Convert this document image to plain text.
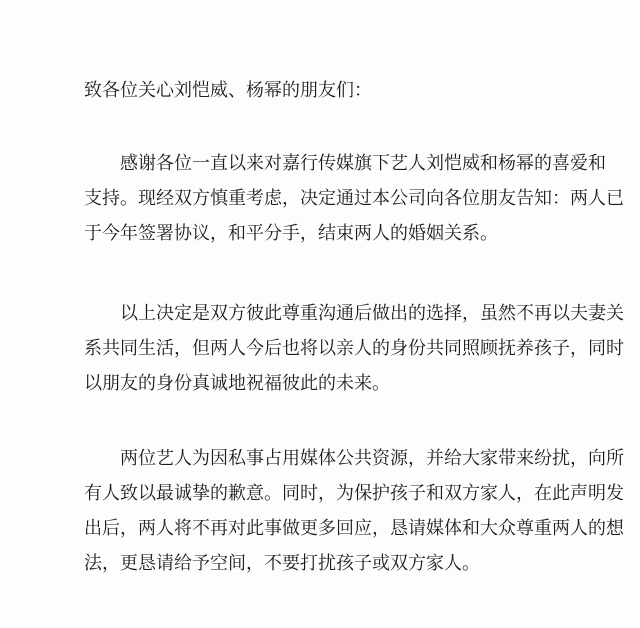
致各位关心刘恺威、杨幂的朋友们：

感谢各位一直以来对嘉行传媒旗下艺人刘恺威和杨幂的喜爱和
支持。现经双方慎重考虑，决定通过本公司向各位朋友告知：两人已
于今年签署协议，和平分手，结束两人的婚姻关系。

以上决定是双方彼此尊重沟通后做出的选择，虽然不再以夫妻关
系共同生活，但两人今后也将以亲人的身份共同照顾抚养孩子，同时
以朋友的身份真诚地祝福彼此的未来。

两位艺人为因私事占用媒体公共资源，并给大家带来纷扰，向所
有人致以最诚挚的歉意。同时，为保护孩子和双方家人，在此声明发
出后，两人将不再对此事做更多回应，恳请媒体和大众尊重两人的想
法，更恳请给予空间，不要打扰孩子或双方家人。
